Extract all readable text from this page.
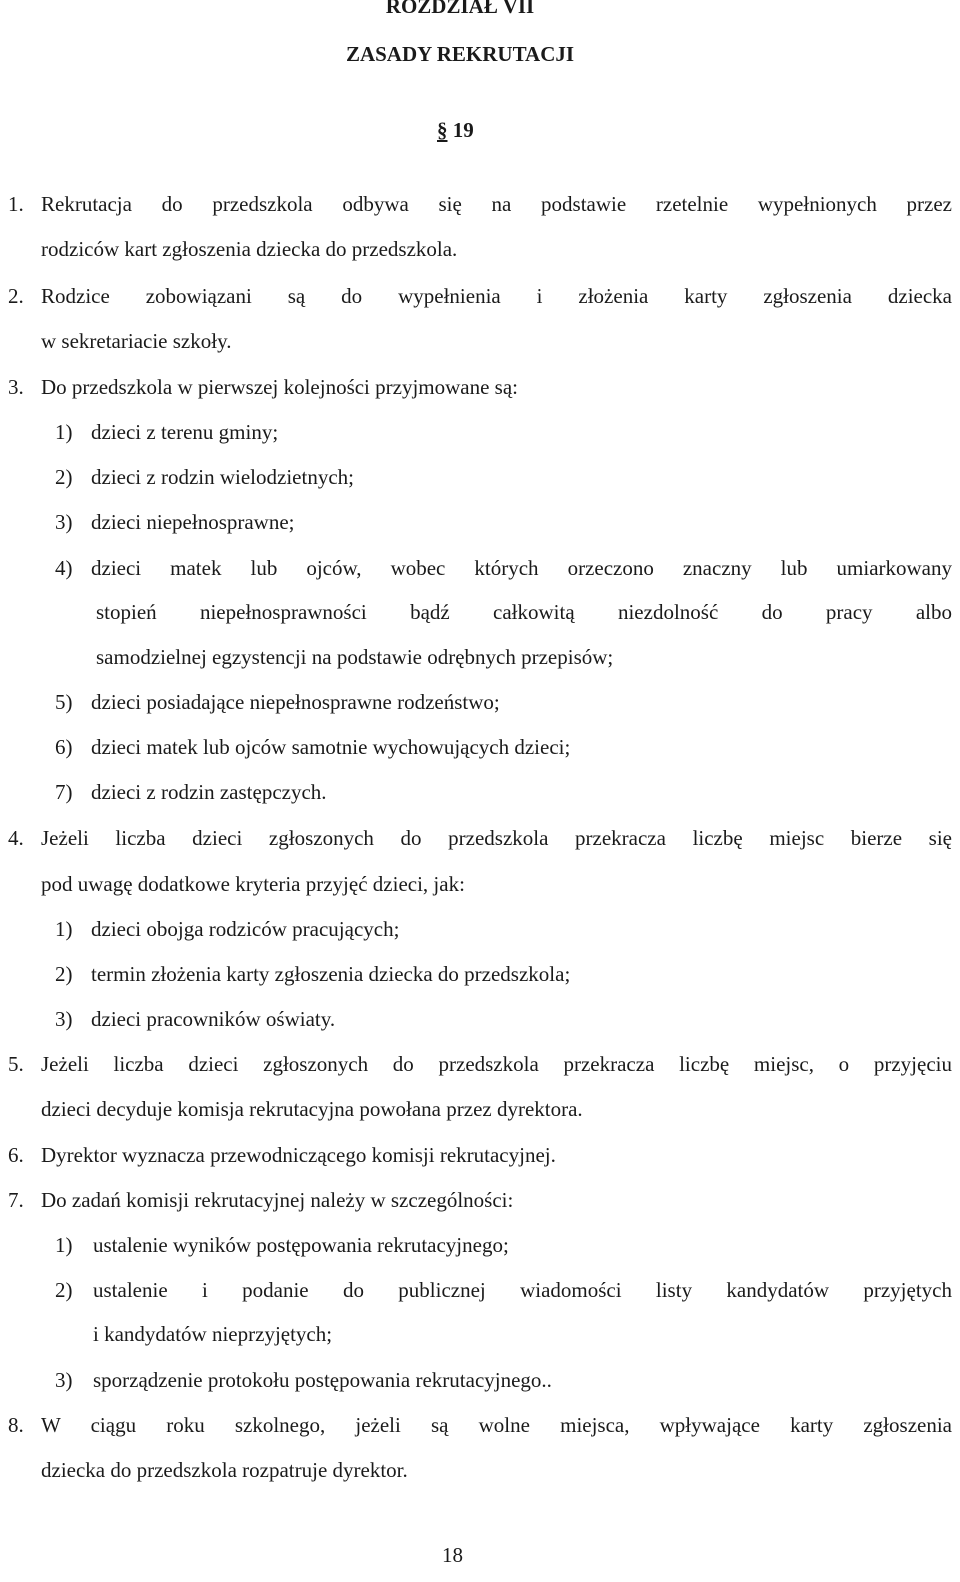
ROZDZIAŁ VII
ZASADY REKRUTACJI
§ 19
1. Rekrutacja do przedszkola odbywa się na podstawie rzetelnie wypełnionych przez
rodziców kart zgłoszenia dziecka do przedszkola.
2. Rodzice zobowiązani są do wypełnienia i złożenia karty zgłoszenia dziecka
w sekretariacie szkoły.
3. Do przedszkola w pierwszej kolejności przyjmowane są:
1) dzieci z terenu gminy;
2) dzieci z rodzin wielodzietnych;
3) dzieci niepełnosprawne;
4) dzieci matek lub ojców, wobec których orzeczono znaczny lub umiarkowany
stopień niepełnosprawności bądź całkowitą niezdolność do pracy albo
samodzielnej egzystencji na podstawie odrębnych przepisów;
5) dzieci posiadające niepełnosprawne rodzeństwo;
6) dzieci matek lub ojców samotnie wychowujących dzieci;
7) dzieci z rodzin zastępczych.
4. Jeżeli liczba dzieci zgłoszonych do przedszkola przekracza liczbę miejsc bierze się
pod uwagę dodatkowe kryteria przyjęć dzieci, jak:
1) dzieci obojga rodziców pracujących;
2) termin złożenia karty zgłoszenia dziecka do przedszkola;
3) dzieci pracowników oświaty.
5. Jeżeli liczba dzieci zgłoszonych do przedszkola przekracza liczbę miejsc, o przyjęciu
dzieci decyduje komisja rekrutacyjna powołana przez dyrektora.
6. Dyrektor wyznacza przewodniczącego komisji rekrutacyjnej.
7. Do zadań komisji rekrutacyjnej należy w szczególności:
1) ustalenie wyników postępowania rekrutacyjnego;
2) ustalenie i podanie do publicznej wiadomości listy kandydatów przyjętych
i kandydatów nieprzyjętych;
3) sporządzenie protokołu postępowania rekrutacyjnego..
8. W ciągu roku szkolnego, jeżeli są wolne miejsca, wpływające karty zgłoszenia
dziecka do przedszkola rozpatruje dyrektor.
18
